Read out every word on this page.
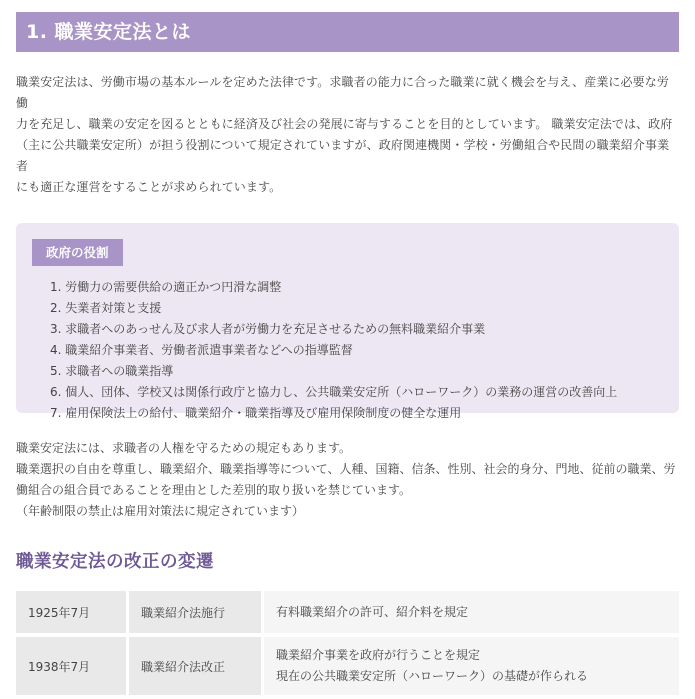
1. 職業安定法とは

職業安定法は、労働市場の基本ルールを定めた法律です。求職者の能力に合った職業に就く機会を与え、産業に必要な労働

力を充足し、職業の安定を図るとともに経済及び社会の発展に寄与することを目的としています。 職業安定法では、政府

（主に公共職業安定所）が担う役割について規定されていますが、政府関連機関・学校・労働組合や民間の職業紹介事業者

にも適正な運営をすることが求められています。

政府の役割
1. 労働力の需要供給の適正かつ円滑な調整
2. 失業者対策と支援
3. 求職者へのあっせん及び求人者が労働力を充足させるための無料職業紹介事業
4. 職業紹介事業者、労働者派遣事業者などへの指導監督
5. 求職者への職業指導
6. 個人、団体、学校又は関係行政庁と協力し、公共職業安定所（ハローワーク）の業務の運営の改善向上
7. 雇用保険法上の給付、職業紹介・職業指導及び雇用保険制度の健全な運用

職業安定法には、求職者の人権を守るための規定もあります。

職業選択の自由を尊重し、職業紹介、職業指導等について、人種、国籍、信条、性別、社会的身分、門地、従前の職業、労

働組合の組合員であることを理由とした差別的取り扱いを禁じています。

（年齢制限の禁止は雇用対策法に規定されています）

職業安定法の改正の変遷
1925年7月		職業紹介法施行		有料職業紹介の許可、紹介料を規定

1938年7月		職業紹介法改正		職業紹介事業を政府が行うことを規定
現在の公共職業安定所（ハローワーク）の基礎が作られる
